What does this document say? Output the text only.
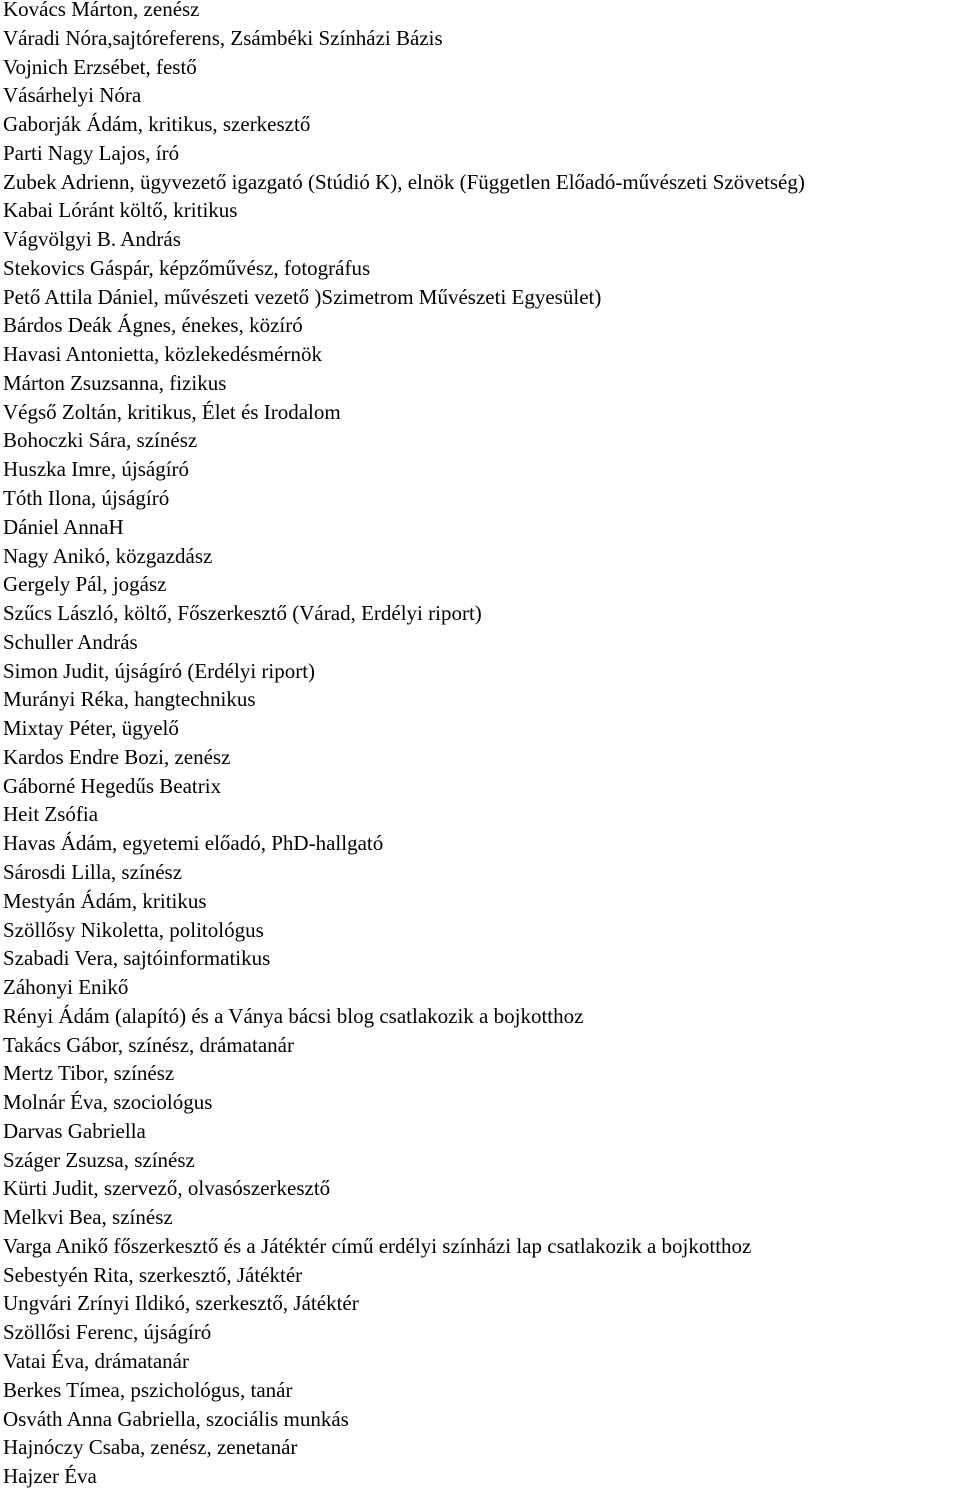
Kovács Márton, zenész
Váradi Nóra,sajtóreferens, Zsámbéki Színházi Bázis
Vojnich Erzsébet, festő
Vásárhelyi Nóra
Gaborják Ádám, kritikus, szerkesztő
Parti Nagy Lajos, író
Zubek Adrienn, ügyvezető igazgató (Stúdió K), elnök (Független Előadó-művészeti Szövetség)
Kabai Lóránt költő, kritikus
Vágvölgyi B. András
Stekovics Gáspár, képzőművész, fotográfus
Pető Attila Dániel, művészeti vezető )Szimetrom Művészeti Egyesület)
Bárdos Deák Ágnes, énekes, közíró
Havasi Antonietta, közlekedésmérnök
Márton Zsuzsanna, fizikus
Végső Zoltán, kritikus, Élet és Irodalom
Bohoczki Sára, színész
Huszka Imre, újságíró
Tóth Ilona, újságíró
Dániel AnnaH
Nagy Anikó, közgazdász
Gergely Pál, jogász
Szűcs László, költő, Főszerkesztő (Várad, Erdélyi riport)
Schuller András
Simon Judit, újságíró (Erdélyi riport)
Murányi Réka, hangtechnikus
Mixtay Péter, ügyelő
Kardos Endre Bozi, zenész
Gáborné Hegedűs Beatrix
Heit Zsófia
Havas Ádám, egyetemi előadó, PhD-hallgató
Sárosdi Lilla, színész
Mestyán Ádám, kritikus
Szöllősy Nikoletta, politológus
Szabadi Vera, sajtóinformatikus
Záhonyi Enikő
Rényi Ádám (alapító) és a Ványa bácsi blog csatlakozik a bojkotthoz
Takács Gábor, színész, drámatanár
Mertz Tibor, színész
Molnár Éva, szociológus
Darvas Gabriella
Száger Zsuzsa, színész
Kürti Judit, szervező, olvasószerkesztő
Melkvi Bea, színész
Varga Anikő főszerkesztő és a Játéktér című erdélyi színházi lap csatlakozik a bojkotthoz
Sebestyén Rita, szerkesztő, Játéktér
Ungvári Zrínyi Ildikó, szerkesztő, Játéktér
Szöllősi Ferenc, újságíró
Vatai Éva, drámatanár
Berkes Tímea, pszichológus, tanár
Osváth Anna Gabriella, szociális munkás
Hajnóczy Csaba, zenész, zenetanár
Hajzer Éva
